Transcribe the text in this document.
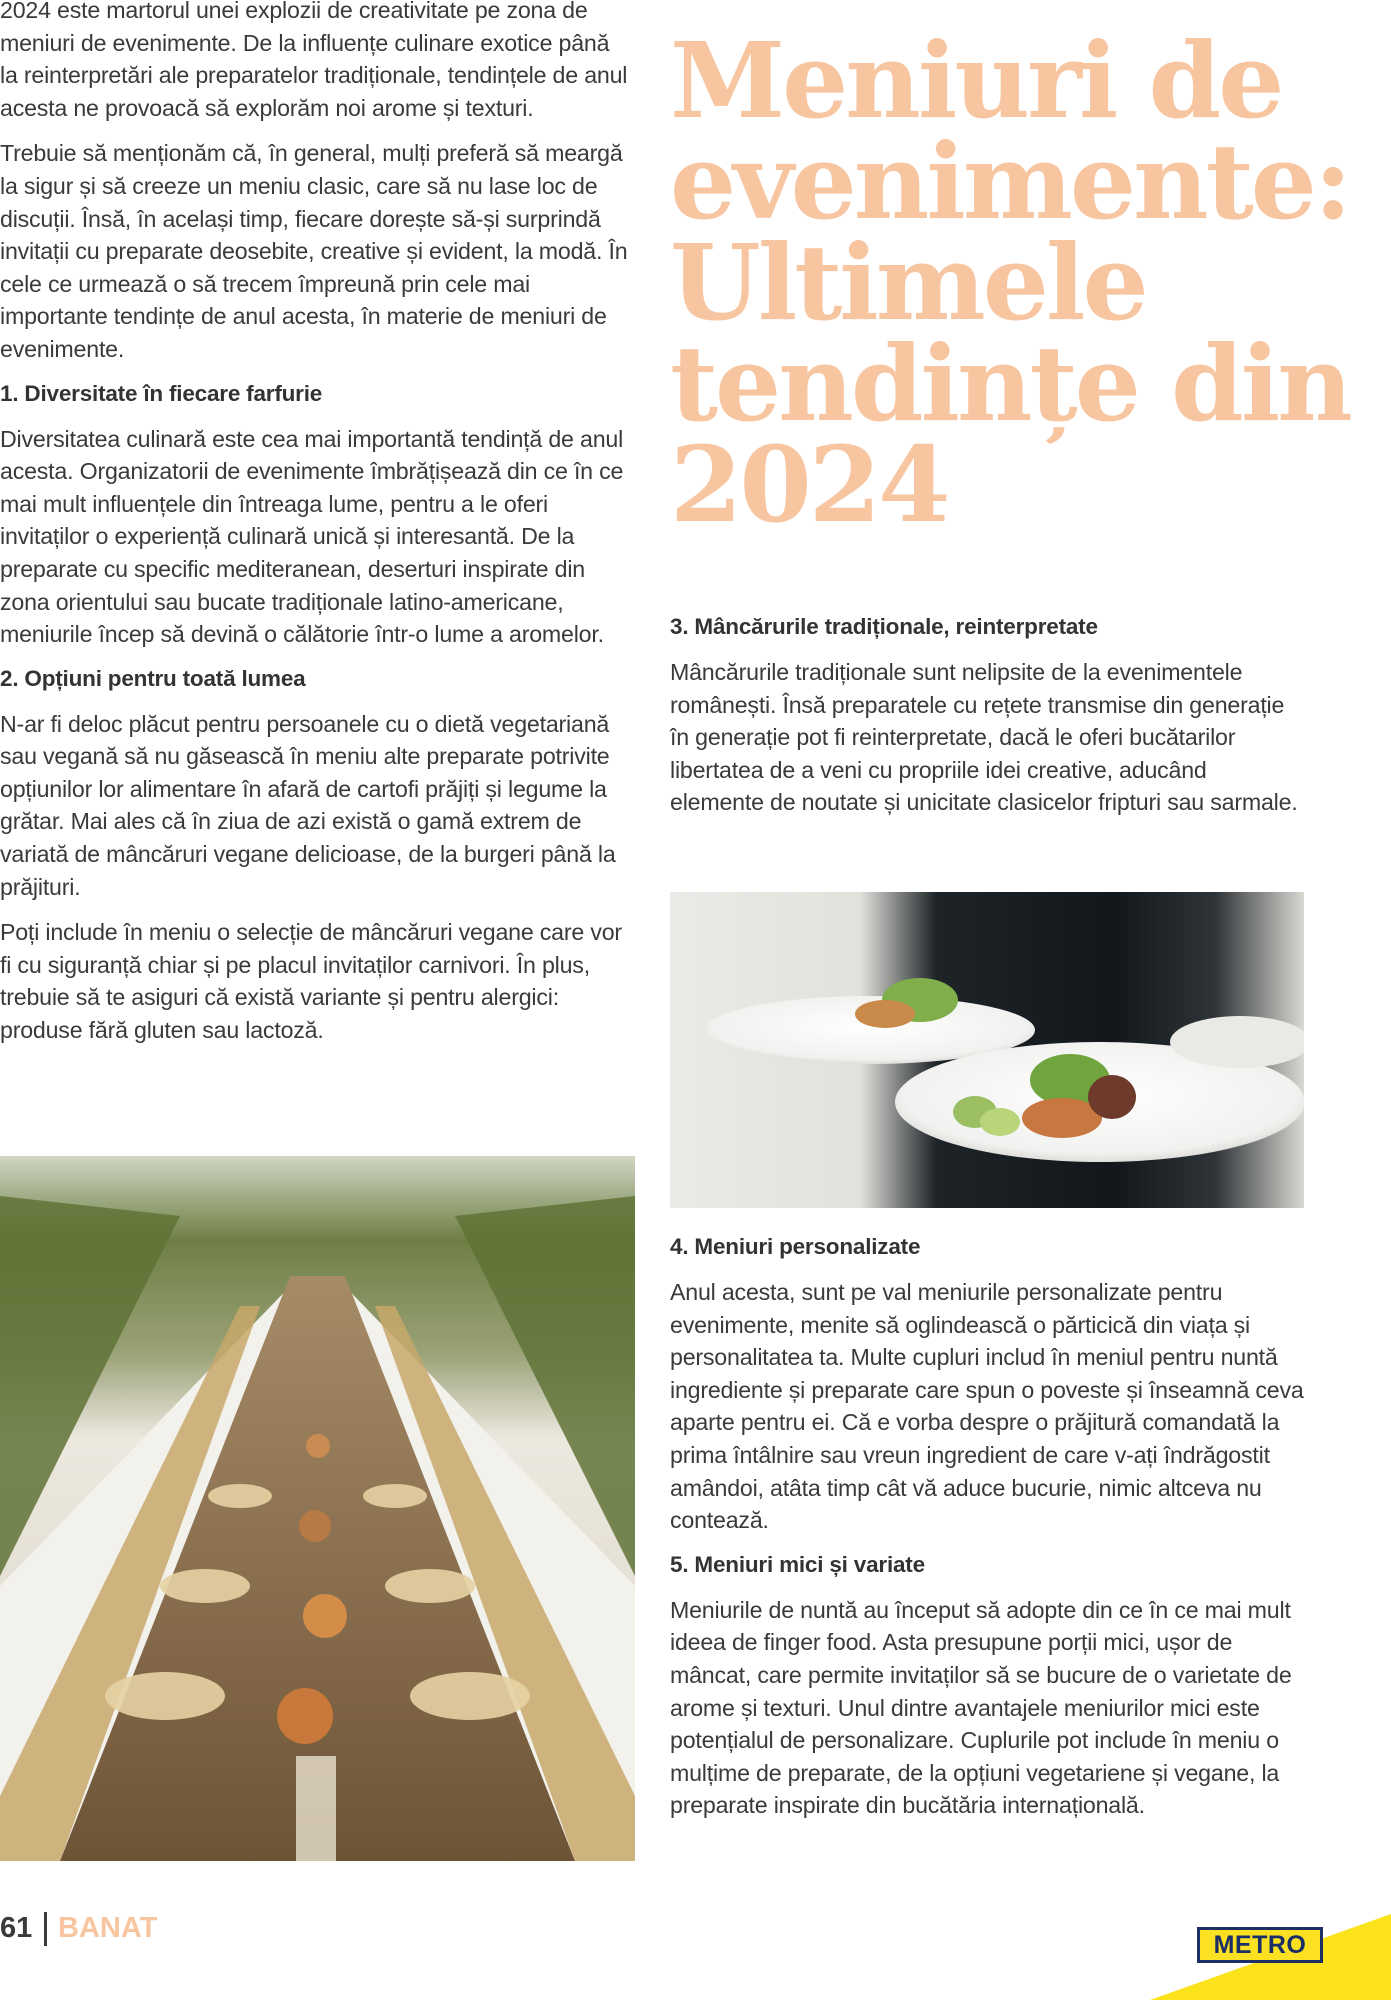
2024 este martorul unei explozii de creativitate pe zona de meniuri de evenimente. De la influențe culinare exotice până la reinterpretări ale preparatelor tradiționale, tendințele de anul acesta ne provoacă să explorăm noi arome și texturi.

Trebuie să menționăm că, în general, mulți preferă să meargă la sigur și să creeze un meniu clasic, care să nu lase loc de discuții. Însă, în același timp, fiecare dorește să-și surprindă invitații cu preparate deosebite, creative și evident, la modă. În cele ce urmează o să trecem împreună prin cele mai importante tendințe de anul acesta, în materie de meniuri de evenimente.

1. Diversitate în fiecare farfurie

Diversitatea culinară este cea mai importantă tendință de anul acesta. Organizatorii de evenimente îmbrățișează din ce în ce mai mult influențele din întreaga lume, pentru a le oferi invitaților o experiență culinară unică și interesantă. De la preparate cu specific mediteranean, deserturi inspirate din zona orientului sau bucate tradiționale latino-americane, meniurile încep să devină o călătorie într-o lume a aromelor.

2. Opțiuni pentru toată lumea

N-ar fi deloc plăcut pentru persoanele cu o dietă vegetariană sau vegană să nu găsească în meniu alte preparate potrivite opțiunilor lor alimentare în afară de cartofi prăjiți și legume la grătar. Mai ales că în ziua de azi există o gamă extrem de variată de mâncăruri vegane delicioase, de la burgeri până la prăjituri.

Poți include în meniu o selecție de mâncăruri vegane care vor fi cu siguranță chiar și pe placul invitaților carnivori. În plus, trebuie să te asiguri că există variante și pentru alergici: produse fără gluten sau lactoză.

Meniuri de evenimente: Ultimele tendințe din 2024
3. Mâncărurile tradiționale, reinterpretate

Mâncărurile tradiționale sunt nelipsite de la evenimentele românești. Însă preparatele cu rețete transmise din generație în generație pot fi reinterpretate, dacă le oferi bucătarilor libertatea de a veni cu propriile idei creative, aducând elemente de noutate și unicitate clasicelor fripturi sau sarmale.

4. Meniuri personalizate

Anul acesta, sunt pe val meniurile personalizate pentru evenimente, menite să oglindească o părticică din viața și personalitatea ta. Multe cupluri includ în meniul pentru nuntă ingrediente și preparate care spun o poveste și înseamnă ceva aparte pentru ei. Că e vorba despre o prăjitură comandată la prima întâlnire sau vreun ingredient de care v-ați îndrăgostit amândoi, atâta timp cât vă aduce bucurie, nimic altceva nu contează.

5. Meniuri mici și variate

Meniurile de nuntă au început să adopte din ce în ce mai mult ideea de finger food. Asta presupune porții mici, ușor de mâncat, care permite invitaților să se bucure de o varietate de arome și texturi. Unul dintre avantajele meniurilor mici este potențialul de personalizare. Cuplurile pot include în meniu o mulțime de preparate, de la opțiuni vegetariene și vegane, la preparate inspirate din bucătăria internațională.

61 BANAT
METRO
